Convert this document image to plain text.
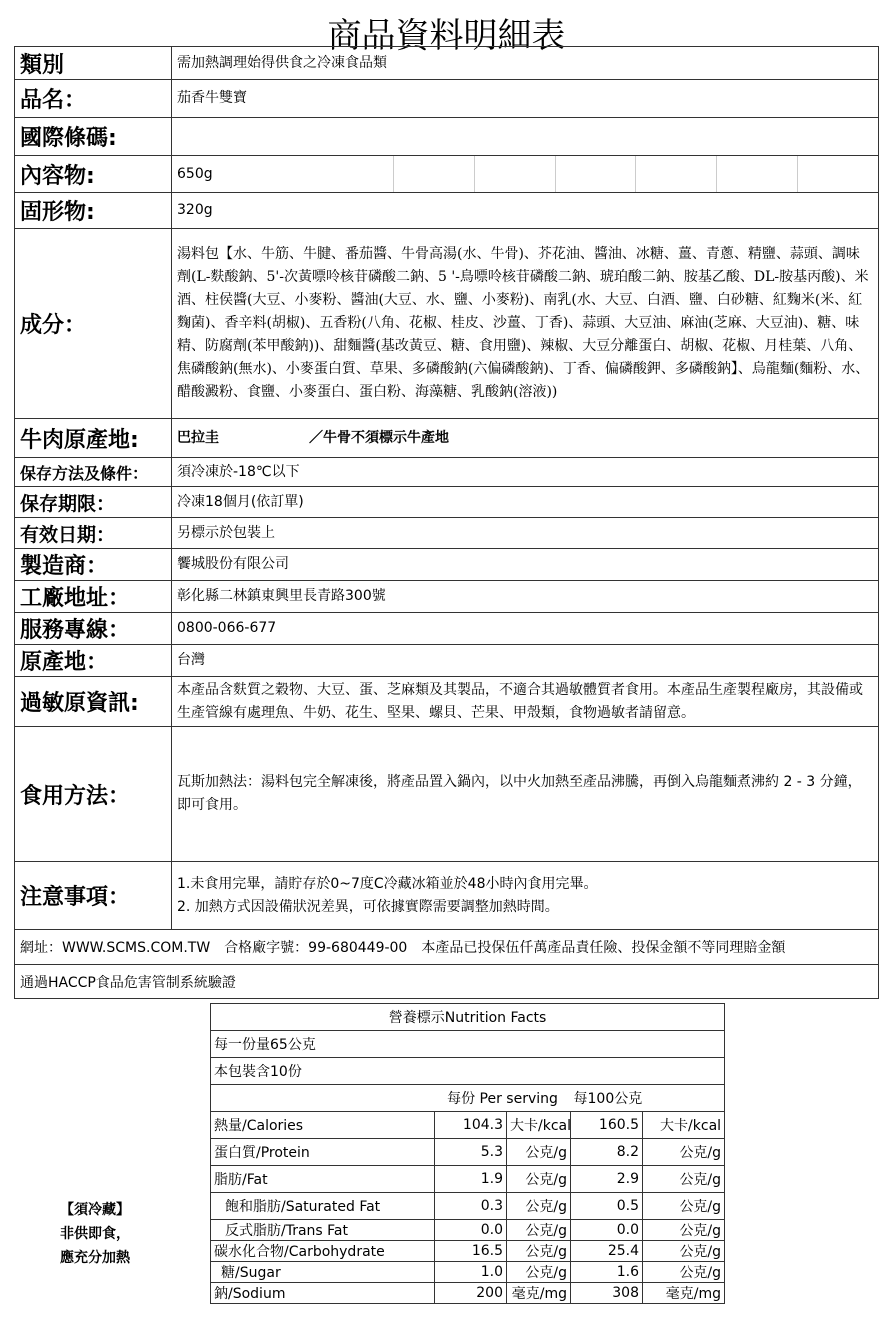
商品資料明細表
類別	需加熱調理始得供食之冷凍食品類
品名：	茄香牛雙寶
國際條碼:	
內容物:	650g

固形物:	320g
成分：	湯料包【水、牛筋、牛腱、番茄醬、牛骨高湯(水、牛骨)、芥花油、醬油、冰糖、薑、青蔥、精鹽、蒜頭、調味劑(L-麩酸鈉、5'-次黃嘌呤核苷磷酸二鈉、5 '-鳥嘌呤核苷磷酸二鈉、琥珀酸二鈉、胺基乙酸、DL-胺基丙酸)、米酒、柱侯醬(大豆、小麥粉、醬油(大豆、水、鹽、小麥粉)、南乳(水、大豆、白酒、鹽、白砂糖、紅麴米(米、紅麴菌)、香辛料(胡椒)、五香粉(八角、花椒、桂皮、沙薑、丁香)、蒜頭、大豆油、麻油(芝麻、大豆油)、糖、味精、防腐劑(苯甲酸鈉))、甜麵醬(基改黃豆、糖、食用鹽)、辣椒、大豆分離蛋白、胡椒、花椒、月桂葉、八角、焦磷酸鈉(無水)、小麥蛋白質、草果、多磷酸鈉(六偏磷酸鈉)、丁香、偏磷酸鉀、多磷酸鈉】、烏龍麵(麵粉、水、醋酸澱粉、食鹽、小麥蛋白、蛋白粉、海藻糖、乳酸鈉(溶液))
牛肉原產地:	巴拉圭 ／牛骨不須標示牛產地
保存方法及條件：	須冷凍於-18℃以下
保存期限：	冷凍18個月(依訂單)
有效日期：	另標示於包裝上
製造商：	饗城股份有限公司
工廠地址：	彰化縣二林鎮東興里長青路300號
服務專線：	0800-066-677
原產地：	台灣
過敏原資訊:	本產品含麩質之穀物、大豆、蛋、芝麻類及其製品，不適合其過敏體質者食用。本產品生產製程廠房，其設備或生產管線有處理魚、牛奶、花生、堅果、螺貝、芒果、甲殼類，食物過敏者請留意。
食用方法：	瓦斯加熱法：湯料包完全解凍後，將產品置入鍋內，以中火加熱至產品沸騰，再倒入烏龍麵煮沸約 2 - 3 分鐘，即可食用。
注意事項：	1.未食用完畢，請貯存於0~7度C冷藏冰箱並於48小時內食用完畢。
2. 加熱方式因設備狀況差異，可依據實際需要調整加熱時間。

網址：WWW.SCMS.COM.TW　合格廠字號：99-680449-00　本產品已投保伍仟萬產品責任險、投保金額不等同理賠金額	
通過HACCP食品危害管制系統驗證	
【須冷藏】
非供即食，
應充分加熱
營養標示Nutrition Facts				
每一份量65公克				
本包裝含10份				
	每份 Per serving		每100公克	
熱量/Calories	104.3	大卡/kcal	160.5	大卡/kcal
蛋白質/Protein	5.3	公克/g	8.2	公克/g
脂肪/Fat	1.9	公克/g	2.9	公克/g
飽和脂肪/Saturated Fat	0.3	公克/g	0.5	公克/g
反式脂肪/Trans Fat	0.0	公克/g	0.0	公克/g
碳水化合物/Carbohydrate	16.5	公克/g	25.4	公克/g
糖/Sugar	1.0	公克/g	1.6	公克/g
鈉/Sodium	200	毫克/mg	308	毫克/mg
